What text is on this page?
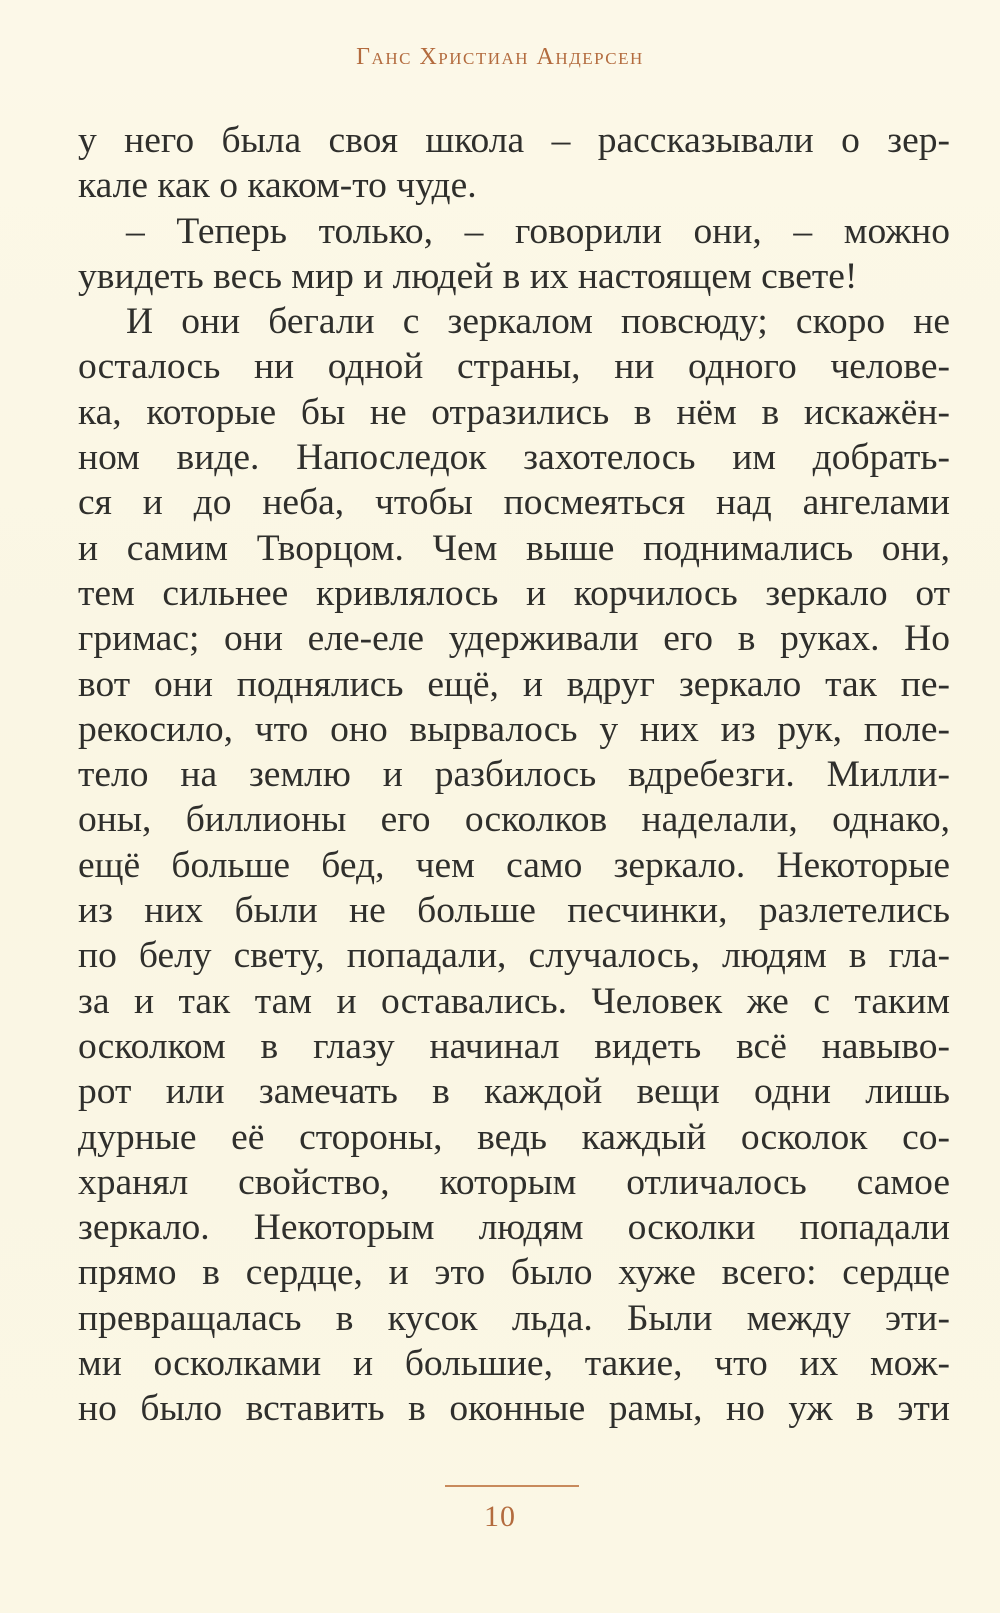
Ганс Христиан Андерсен
у него была своя школа – рассказывали о зер-
кале как о каком-то чуде.
– Теперь только, – говорили они, – можно
увидеть весь мир и людей в их настоящем свете!
И они бегали с зеркалом повсюду; скоро не
осталось ни одной страны, ни одного челове-
ка, которые бы не отразились в нём в искажён-
ном виде. Напоследок захотелось им добрать-
ся и до неба, чтобы посмеяться над ангелами
и самим Творцом. Чем выше поднимались они,
тем сильнее кривлялось и корчилось зеркало от
гримас; они еле-еле удерживали его в руках. Но
вот они поднялись ещё, и вдруг зеркало так пе-
рекосило, что оно вырвалось у них из рук, поле-
тело на землю и разбилось вдребезги. Милли-
оны, биллионы его осколков наделали, однако,
ещё больше бед, чем само зеркало. Некоторые
из них были не больше песчинки, разлетелись
по белу свету, попадали, случалось, людям в гла-
за и так там и оставались. Человек же с таким
осколком в глазу начинал видеть всё навыво-
рот или замечать в каждой вещи одни лишь
дурные её стороны, ведь каждый осколок со-
хранял свойство, которым отличалось самое
зеркало. Некоторым людям осколки попадали
прямо в сердце, и это было хуже всего: сердце
превращалась в кусок льда. Были между эти-
ми осколками и большие, такие, что их мож-
но было вставить в оконные рамы, но уж в эти
10
